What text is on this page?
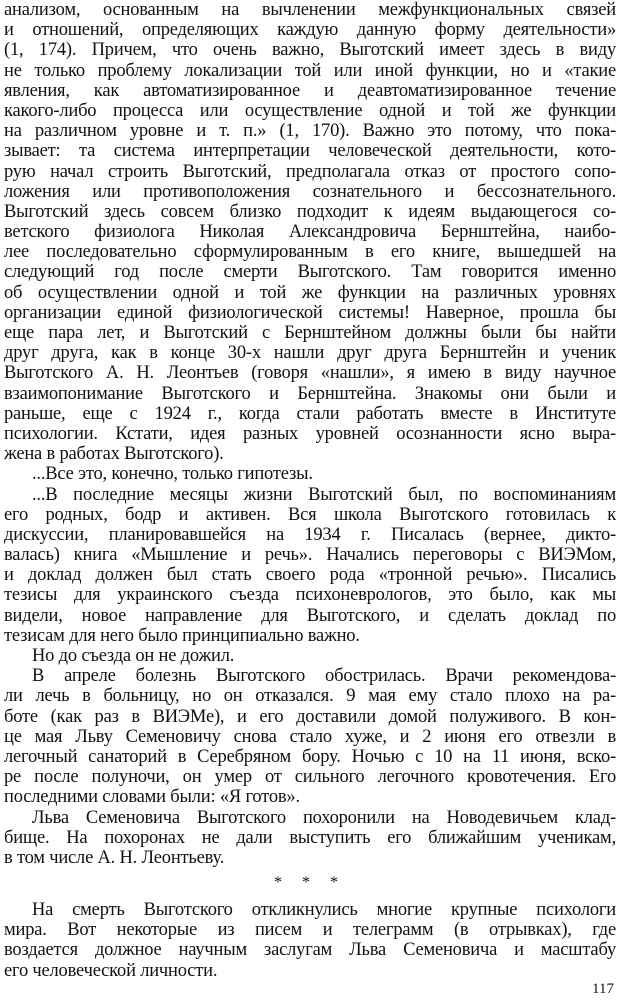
анализом, основанным на вычленении межфункциональных связей
и отношений, определяющих каждую данную форму деятельности»
(1, 174). Причем, что очень важно, Выготский имеет здесь в виду
не только проблему локализации той или иной функции, но и «такие
явления, как автоматизированное и деавтоматизированное течение
какого-либо процесса или осуществление одной и той же функции
на различном уровне и т. п.» (1, 170). Важно это потому, что пока-
зывает: та система интерпретации человеческой деятельности, кото-
рую начал строить Выготский, предполагала отказ от простого сопо-
ложения или противоположения сознательного и бессознательного.
Выготский здесь совсем близко подходит к идеям выдающегося со-
ветского физиолога Николая Александровича Бернштейна, наибо-
лее последовательно сформулированным в его книге, вышедшей на
следующий год после смерти Выготского. Там говорится именно
об осуществлении одной и той же функции на различных уровнях
организации единой физиологической системы! Наверное, прошла бы
еще пара лет, и Выготский с Бернштейном должны были бы найти
друг друга, как в конце 30-х нашли друг друга Бернштейн и ученик
Выготского А. Н. Леонтьев (говоря «нашли», я имею в виду научное
взаимопонимание Выготского и Бернштейна. Знакомы они были и
раньше, еще с 1924 г., когда стали работать вместе в Институте
психологии. Кстати, идея разных уровней осознанности ясно выра-
жена в работах Выготского).
...Все это, конечно, только гипотезы.
...В последние месяцы жизни Выготский был, по воспоминаниям
его родных, бодр и активен. Вся школа Выготского готовилась к
дискуссии, планировавшейся на 1934 г. Писалась (вернее, дикто-
валась) книга «Мышление и речь». Начались переговоры с ВИЭМом,
и доклад должен был стать своего рода «тронной речью». Писались
тезисы для украинского съезда психоневрологов, это было, как мы
видели, новое направление для Выготского, и сделать доклад по
тезисам для него было принципиально важно.
Но до съезда он не дожил.
В апреле болезнь Выготского обострилась. Врачи рекомендова-
ли лечь в больницу, но он отказался. 9 мая ему стало плохо на ра-
боте (как раз в ВИЭМе), и его доставили домой полуживого. В кон-
це мая Льву Семеновичу снова стало хуже, и 2 июня его отвезли в
легочный санаторий в Серебряном бору. Ночью с 10 на 11 июня, вско-
ре после полуночи, он умер от сильного легочного кровотечения. Его
последними словами были: «Я готов».
Льва Семеновича Выготского похоронили на Новодевичьем клад-
бище. На похоронах не дали выступить его ближайшим ученикам,
в том числе А. Н. Леонтьеву.
* * *
На смерть Выготского откликнулись многие крупные психологи
мира. Вот некоторые из писем и телеграмм (в отрывках), где
воздается должное научным заслугам Льва Семеновича и масштабу
его человеческой личности.
117
